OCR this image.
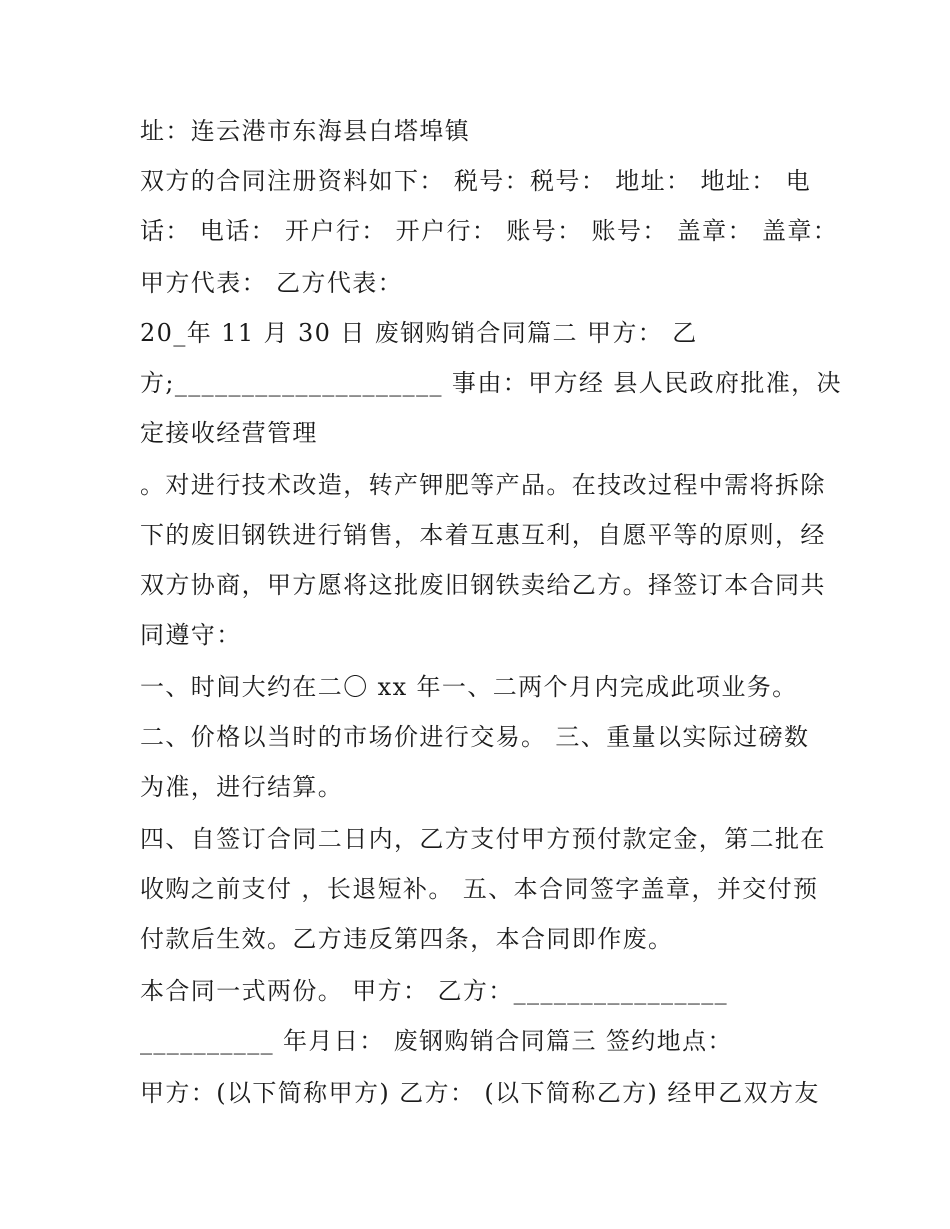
址：连云港市东海县白塔埠镇
双方的合同注册资料如下： 税号：税号： 地址： 地址： 电
话： 电话： 开户行： 开户行： 账号： 账号： 盖章： 盖章：
甲方代表： 乙方代表：
20_年 11 月 30 日 废钢购销合同篇二 甲方： 乙
方;____________________ 事由：甲方经 县人民政府批准，决
定接收经营管理
。对进行技术改造，转产钾肥等产品。在技改过程中需将拆除
下的废旧钢铁进行销售，本着互惠互利，自愿平等的原则，经
双方协商，甲方愿将这批废旧钢铁卖给乙方。择签订本合同共
同遵守：
一、时间大约在二〇 xx 年一、二两个月内完成此项业务。
二、价格以当时的市场价进行交易。 三、重量以实际过磅数
为准，进行结算。
四、自签订合同二日内，乙方支付甲方预付款定金，第二批在
收购之前支付 ，长退短补。 五、本合同签字盖章，并交付预
付款后生效。乙方违反第四条，本合同即作废。
本合同一式两份。 甲方： 乙方：________________
__________ 年月日： 废钢购销合同篇三 签约地点：
甲方：(以下简称甲方) 乙方： (以下简称乙方) 经甲乙双方友
